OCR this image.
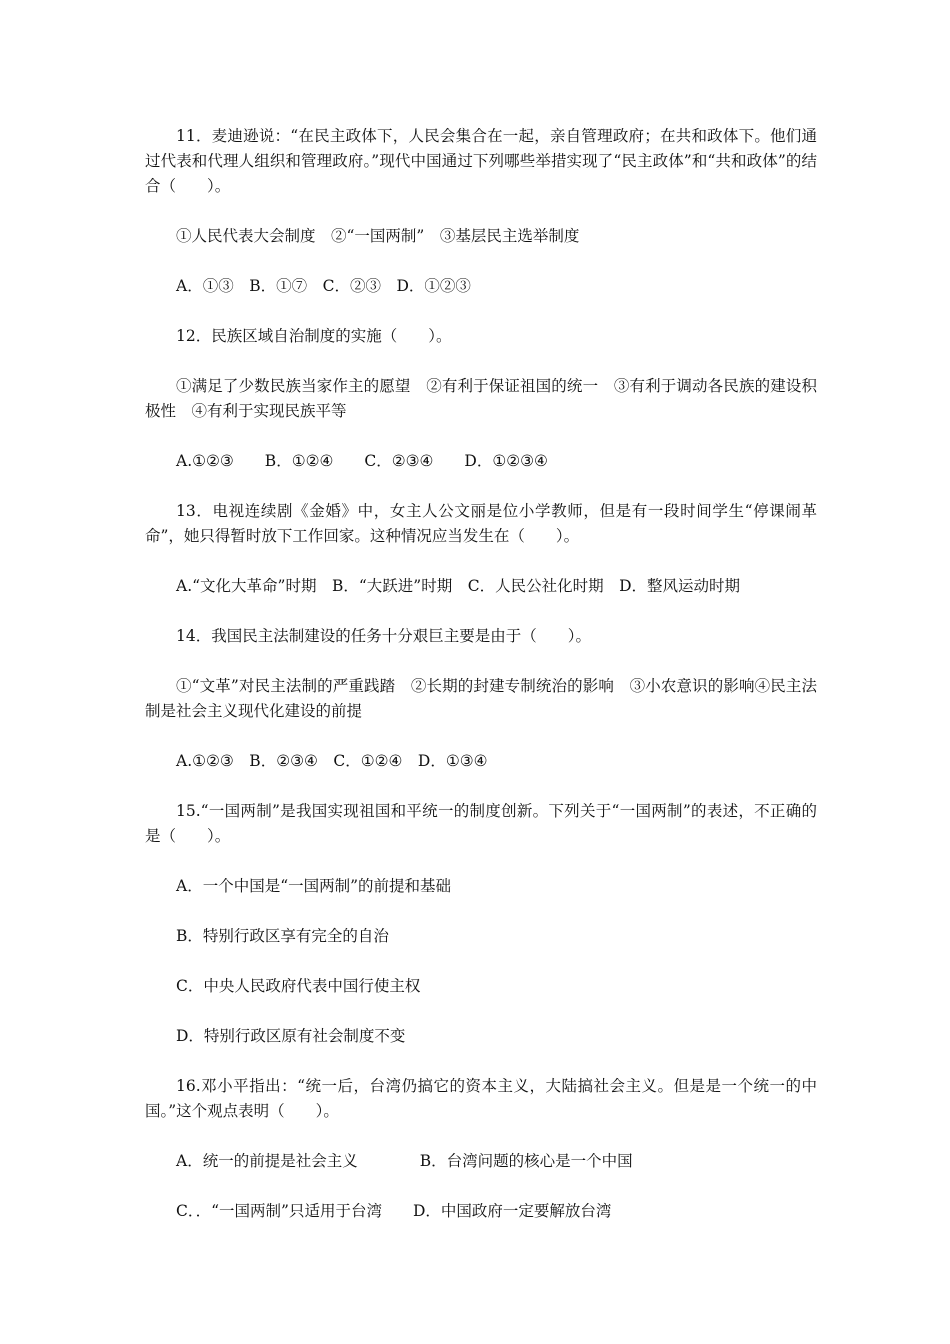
11．麦迪逊说：“在民主政体下，人民会集合在一起，亲自管理政府；在共和政体下。他们通过代表和代理人组织和管理政府。”现代中国通过下列哪些举措实现了“民主政体”和“共和政体”的结合（　　）。

①人民代表大会制度　②“一国两制”　③基层民主选举制度

A．①③　B．①⑦　C．②③　D．①②③

12．民族区域自治制度的实施（　　）。

①满足了少数民族当家作主的愿望　②有利于保证祖国的统一　③有利于调动各民族的建设积极性　④有利于实现民族平等

A.①②③　　B．①②④　　C．②③④　　D．①②③④

13．电视连续剧《金婚》中，女主人公文丽是位小学教师，但是有一段时间学生“停课闹革命”，她只得暂时放下工作回家。这种情况应当发生在（　　）。

A.“文化大革命”时期　B．“大跃进”时期　C．人民公社化时期　D．整风运动时期

14．我国民主法制建设的任务十分艰巨主要是由于（　　）。

①“文革”对民主法制的严重践踏　②长期的封建专制统治的影响　③小农意识的影响④民主法制是社会主义现代化建设的前提

A.①②③　B．②③④　C．①②④　D．①③④

15.“一国两制”是我国实现祖国和平统一的制度创新。下列关于“一国两制”的表述，不正确的是（　　）。

A．一个中国是“一国两制”的前提和基础

B．特别行政区享有完全的自治

C．中央人民政府代表中国行使主权

D．特别行政区原有社会制度不变

16.邓小平指出：“统一后，台湾仍搞它的资本主义，大陆搞社会主义。但是是一个统一的中国。”这个观点表明（　　）。

A．统一的前提是社会主义　　　　B．台湾问题的核心是一个中国

C．．“一国两制”只适用于台湾　　D．中国政府一定要解放台湾
